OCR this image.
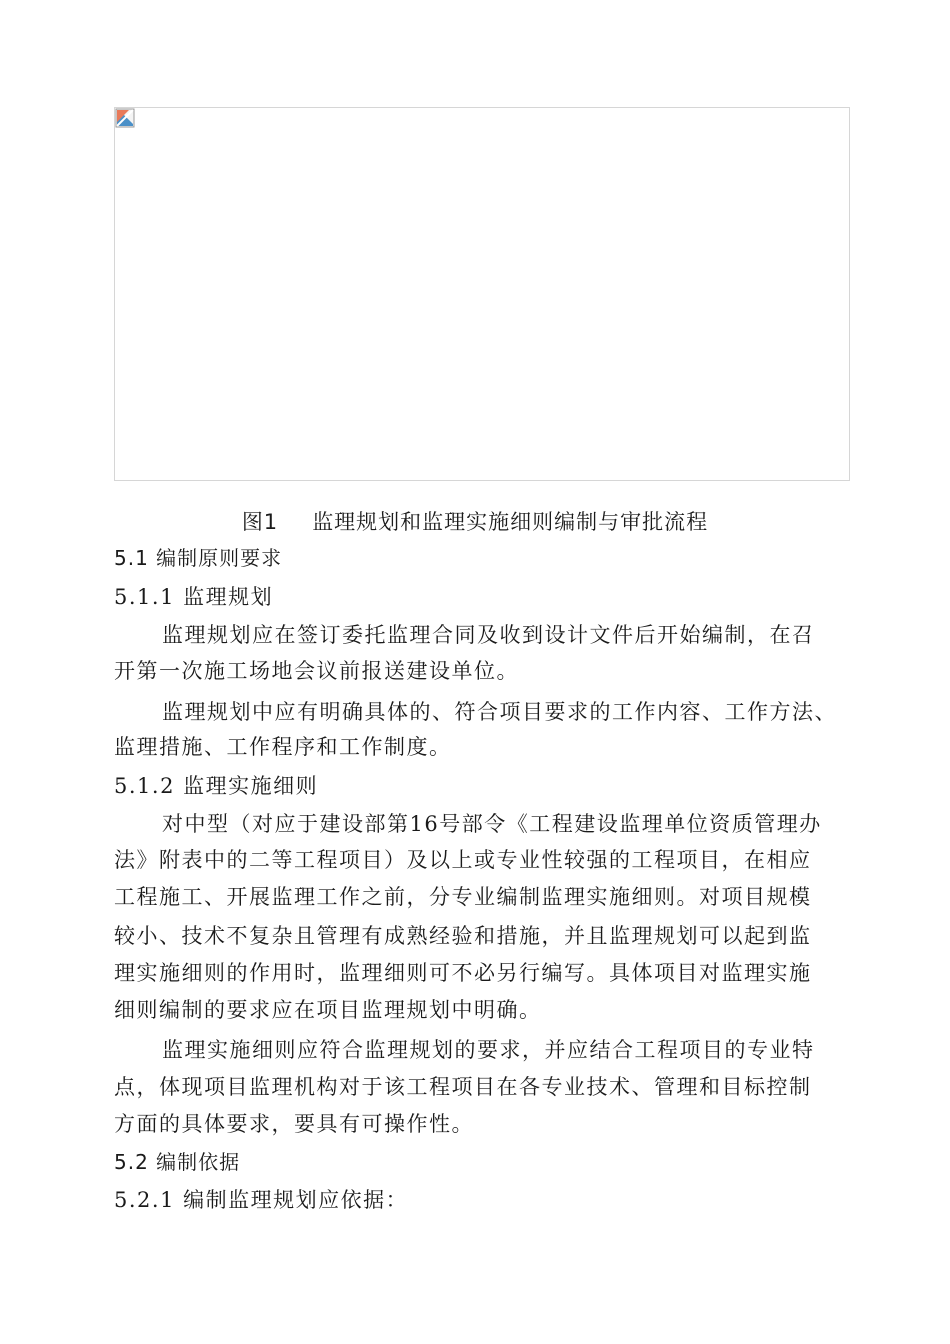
图1 监理规划和监理实施细则编制与审批流程
5.1 编制原则要求
5.1.1 监理规划
监理规划应在签订委托监理合同及收到设计文件后开始编制，在召
开第一次施工场地会议前报送建设单位。
监理规划中应有明确具体的、符合项目要求的工作内容、工作方法、
监理措施、工作程序和工作制度。
5.1.2 监理实施细则
对中型（对应于建设部第16号部令《工程建设监理单位资质管理办
法》附表中的二等工程项目）及以上或专业性较强的工程项目，在相应
工程施工、开展监理工作之前，分专业编制监理实施细则。对项目规模
较小、技术不复杂且管理有成熟经验和措施，并且监理规划可以起到监
理实施细则的作用时，监理细则可不必另行编写。具体项目对监理实施
细则编制的要求应在项目监理规划中明确。
监理实施细则应符合监理规划的要求，并应结合工程项目的专业特
点，体现项目监理机构对于该工程项目在各专业技术、管理和目标控制
方面的具体要求，要具有可操作性。
5.2 编制依据
5.2.1 编制监理规划应依据：
